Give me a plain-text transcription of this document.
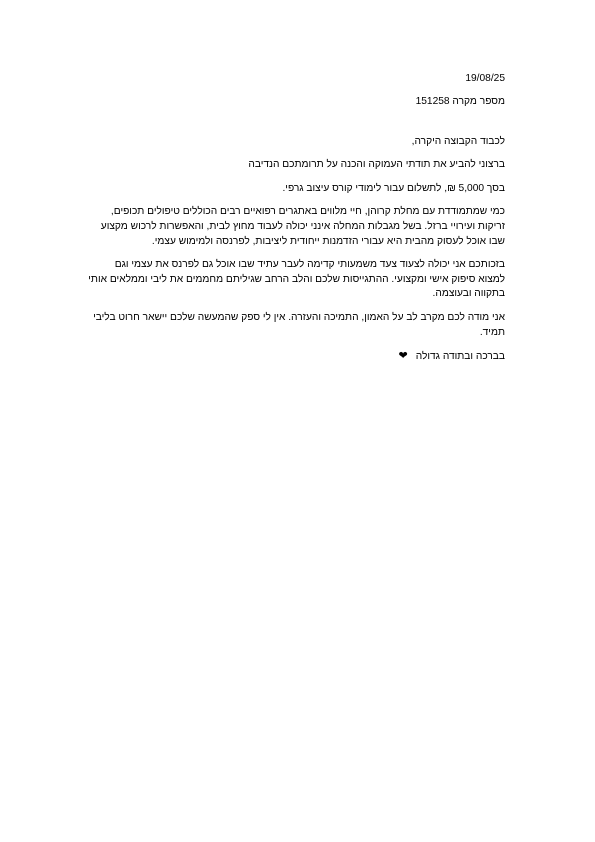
19/08/25

מספר מקרה 151258

לכבוד הקבוצה היקרה,

ברצוני להביע את תודתי העמוקה והכנה על תרומתכם הנדיבה

בסך 5,000 ₪, לתשלום עבור לימודי קורס עיצוב גרפי.

כמי שמתמודדת עם מחלת קרוהן, חיי מלווים באתגרים רפואיים רבים הכוללים טיפולים תכופים, זריקות ועירויי ברזל. בשל מגבלות המחלה אינני יכולה לעבוד מחוץ לבית, והאפשרות לרכוש מקצוע שבו אוכל לעסוק מהבית היא עבורי הזדמנות ייחודית ליציבות, לפרנסה ולמימוש עצמי.

בזכותכם אני יכולה לצעוד צעד משמעותי קדימה לעבר עתיד שבו אוכל גם לפרנס את עצמי וגם למצוא סיפוק אישי ומקצועי. ההתגייסות שלכם והלב הרחב שגיליתם מחממים את ליבי וממלאים אותי בתקווה ובעוצמה.

אני מודה לכם מקרב לב על האמון, התמיכה והעזרה. אין לי ספק שהמעשה שלכם יישאר חרוט בליבי תמיד.

בברכה ובתודה גדולה❤
